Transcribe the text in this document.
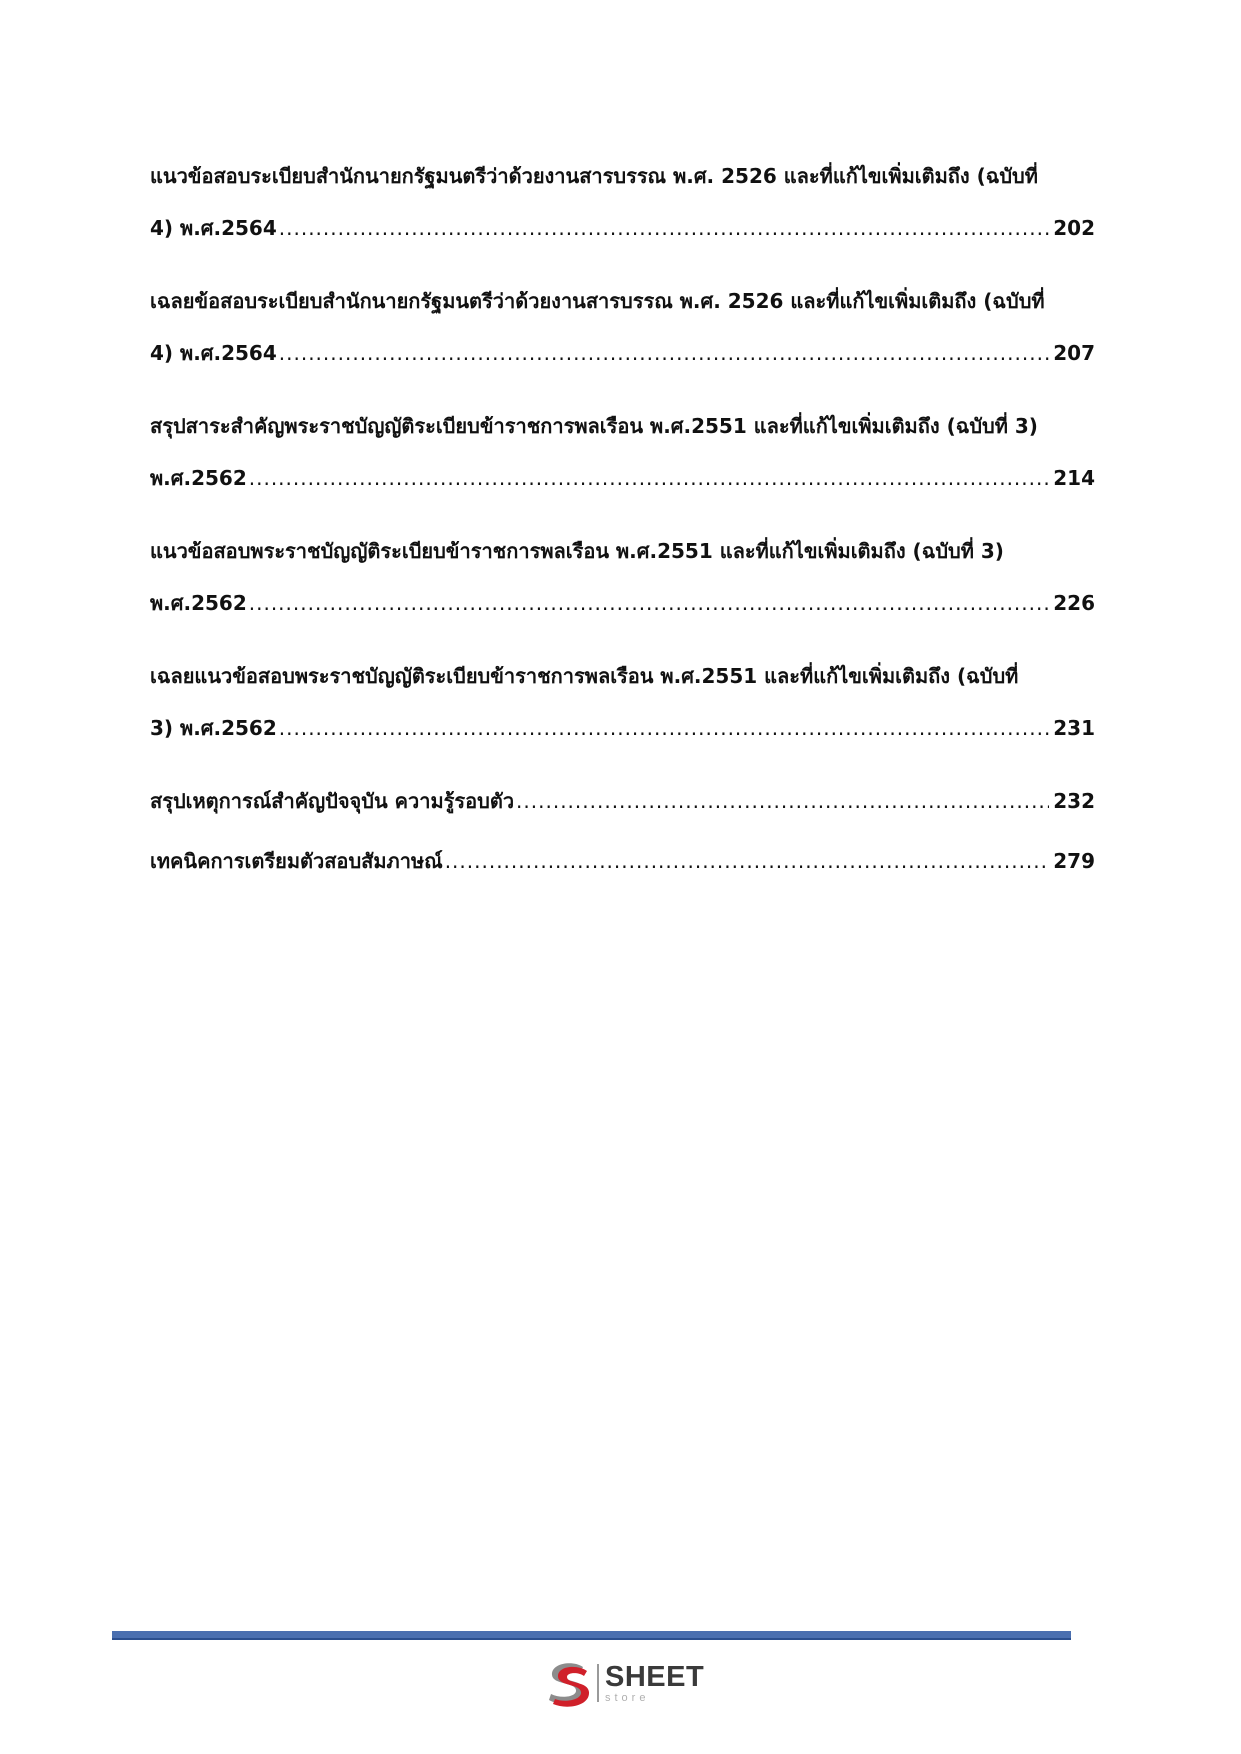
แนวข้อสอบระเบียบสำนักนายกรัฐมนตรีว่าด้วยงานสารบรรณ พ.ศ. 2526 และที่แก้ไขเพิ่มเติมถึง (ฉบับที่
4) พ.ศ.2564 .....	202
เฉลยข้อสอบระเบียบสำนักนายกรัฐมนตรีว่าด้วยงานสารบรรณ พ.ศ. 2526 และที่แก้ไขเพิ่มเติมถึง (ฉบับที่
4) พ.ศ.2564 .....	207
สรุปสาระสำคัญพระราชบัญญัติระเบียบข้าราชการพลเรือน พ.ศ.2551 และที่แก้ไขเพิ่มเติมถึง (ฉบับที่ 3)
พ.ศ.2562 .....	214
แนวข้อสอบพระราชบัญญัติระเบียบข้าราชการพลเรือน พ.ศ.2551 และที่แก้ไขเพิ่มเติมถึง (ฉบับที่ 3)
พ.ศ.2562 .....	226
เฉลยแนวข้อสอบพระราชบัญญัติระเบียบข้าราชการพลเรือน พ.ศ.2551 และที่แก้ไขเพิ่มเติมถึง (ฉบับที่
3) พ.ศ.2562 .....	231
สรุปเหตุการณ์สำคัญปัจจุบัน ความรู้รอบตัว .....	232
เทคนิคการเตรียมตัวสอบสัมภาษณ์ .....	279
SHEET
store
